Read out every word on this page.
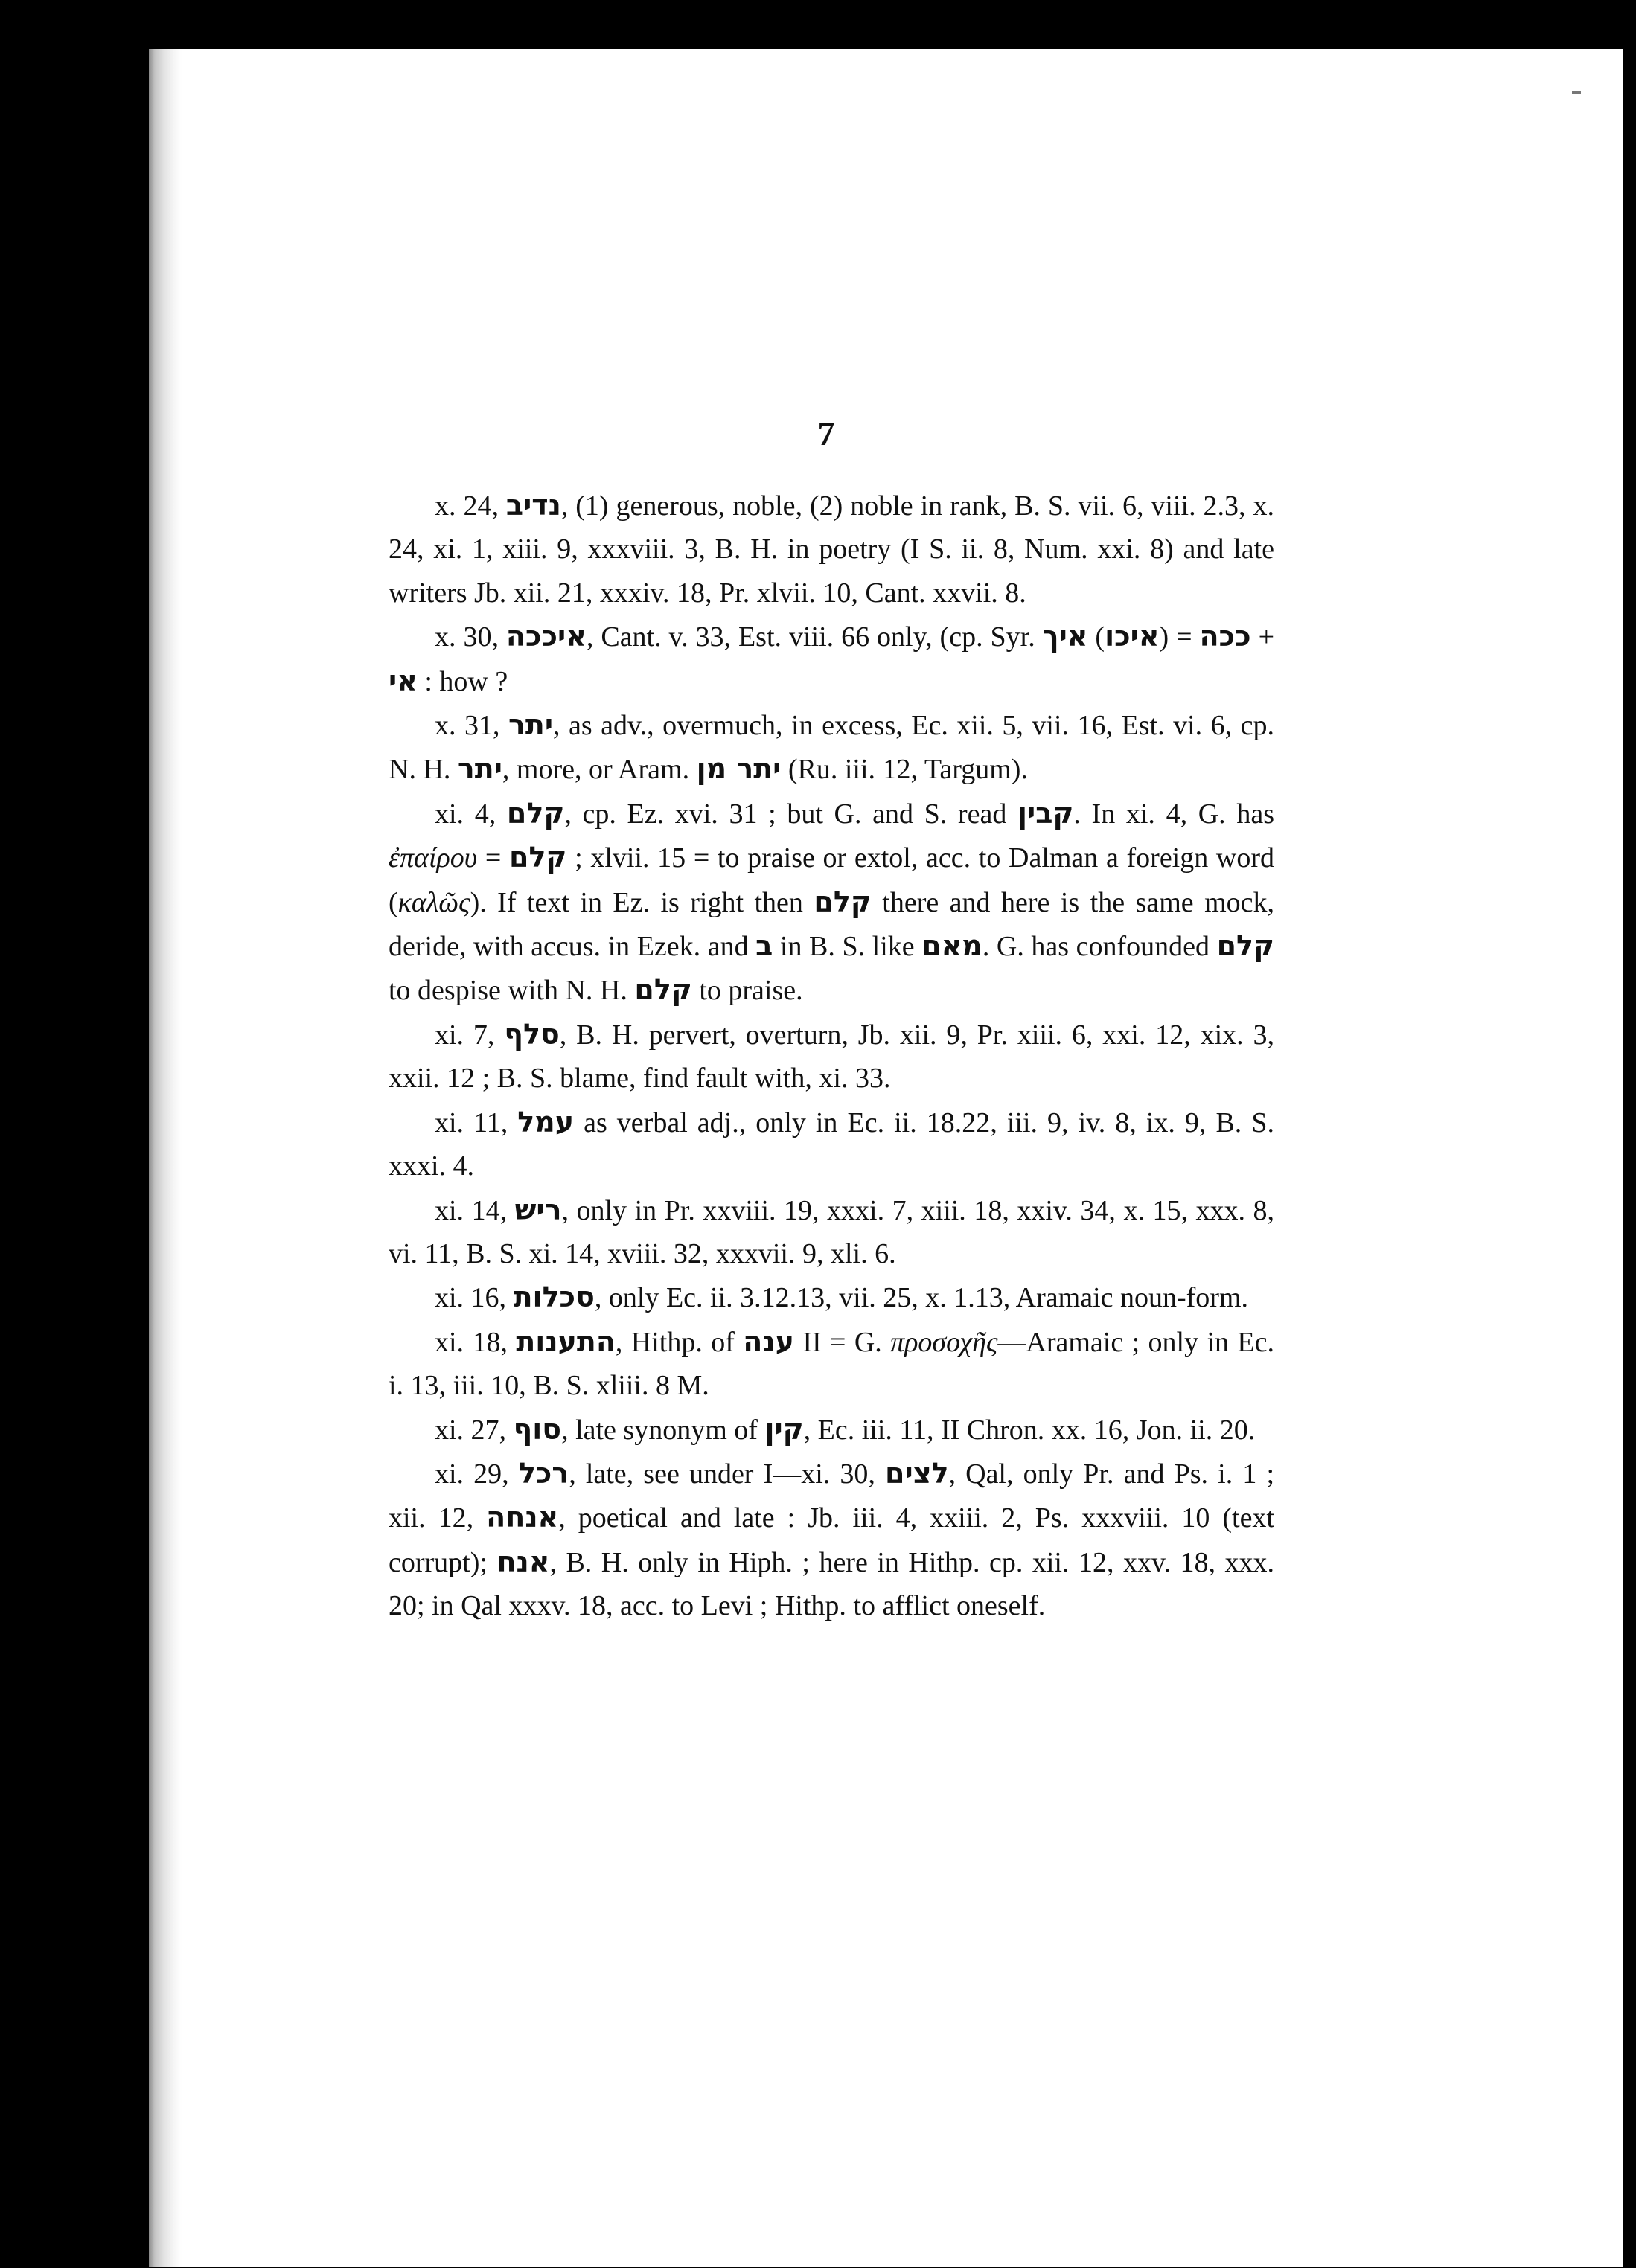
7

x. 24, נדיב, (1) generous, noble, (2) noble in rank, B. S. vii. 6, viii. 2.3, x. 24, xi. 1, xiii. 9, xxxviii. 3, B. H. in poetry (I S. ii. 8, Num. xxi. 8) and late writers Jb. xii. 21, xxxiv. 18, Pr. xlvii. 10, Cant. xxvii. 8.

x. 30, איככה, Cant. v. 33, Est. viii. 66 only, (cp. Syr. איך (איכו) = ככה + אי : how ?

x. 31, יתר, as adv., overmuch, in excess, Ec. xii. 5, vii. 16, Est. vi. 6, cp. N. H. יתר, more, or Aram. יתר מן (Ru. iii. 12, Targum).

xi. 4, קלם, cp. Ez. xvi. 31 ; but G. and S. read קבין. In xi. 4, G. has ἐπαίρου = קלם ; xlvii. 15 = to praise or extol, acc. to Dalman a foreign word (καλῶς). If text in Ez. is right then קלם there and here is the same mock, deride, with accus. in Ezek. and ב in B. S. like מאם. G. has confounded קלם to despise with N. H. קלם to praise.

xi. 7, סלף, B. H. pervert, overturn, Jb. xii. 9, Pr. xiii. 6, xxi. 12, xix. 3, xxii. 12 ; B. S. blame, find fault with, xi. 33.

xi. 11, עמל as verbal adj., only in Ec. ii. 18.22, iii. 9, iv. 8, ix. 9, B. S. xxxi. 4.

xi. 14, ריש, only in Pr. xxviii. 19, xxxi. 7, xiii. 18, xxiv. 34, x. 15, xxx. 8, vi. 11, B. S. xi. 14, xviii. 32, xxxvii. 9, xli. 6.

xi. 16, סכלות, only Ec. ii. 3.12.13, vii. 25, x. 1.13, Aramaic noun-form.

xi. 18, התענות, Hithp. of ענה II = G. προσοχῆς—Aramaic ; only in Ec. i. 13, iii. 10, B. S. xliii. 8 M.

xi. 27, סוף, late synonym of קין, Ec. iii. 11, II Chron. xx. 16, Jon. ii. 20.

xi. 29, רכל, late, see under I—xi. 30, לצים, Qal, only Pr. and Ps. i. 1 ; xii. 12, אנחה, poetical and late : Jb. iii. 4, xxiii. 2, Ps. xxxviii. 10 (text corrupt); אנח, B. H. only in Hiph. ; here in Hithp. cp. xii. 12, xxv. 18, xxx. 20; in Qal xxxv. 18, acc. to Levi ; Hithp. to afflict oneself.
